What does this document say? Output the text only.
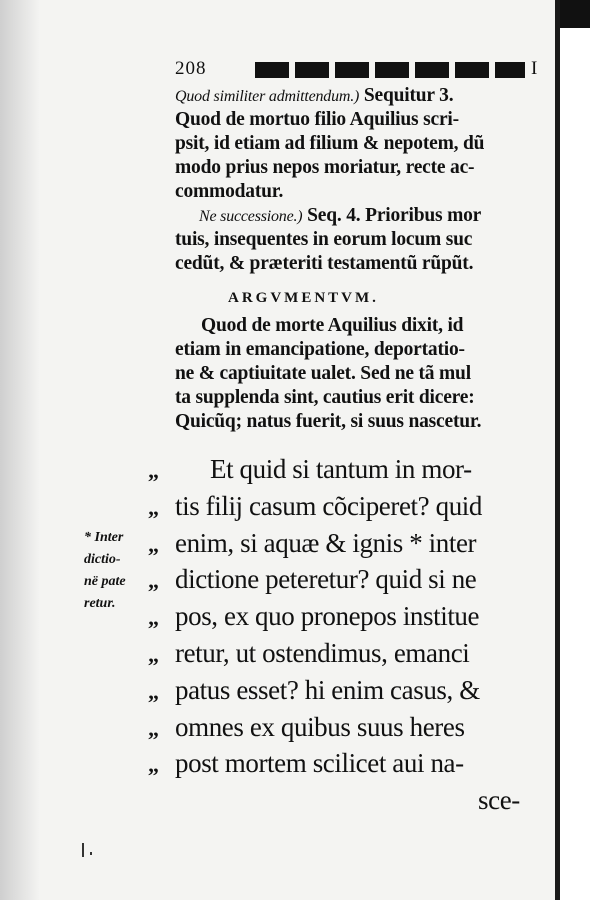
208	I
Quod similiter admittendum.) Sequitur 3.
Quod de mortuo filio Aquilius scri-
psit, id etiam ad filium & nepotem, dũ
modo prius nepos moriatur, recte ac-
commodatur.
Ne successione.) Seq. 4. Prioribus mor
tuis, insequentes in eorum locum suc
cedũt, & præteriti testamentũ rũpũt.
ARGVMENTVM.
Quod de morte Aquilius dixit, id
etiam in emancipatione, deportatio-
ne & captiuitate ualet. Sed ne tã mul
ta supplenda sint, cautius erit dicere:
Quicũq; natus fuerit, si suus nascetur.
* Inter
dictio-
në pate
retur.
„ Et quid si tantum in mor-
„ tis filij casum cõciperet? quid
„ enim, si aquæ & ignis * inter
„ dictione peteretur? quid si ne
„ pos, ex quo pronepos institue
„ retur, ut ostendimus, emanci
„ patus esset? hi enim casus, &
„ omnes ex quibus suus heres
„ post mortem scilicet aui na-
sce-
